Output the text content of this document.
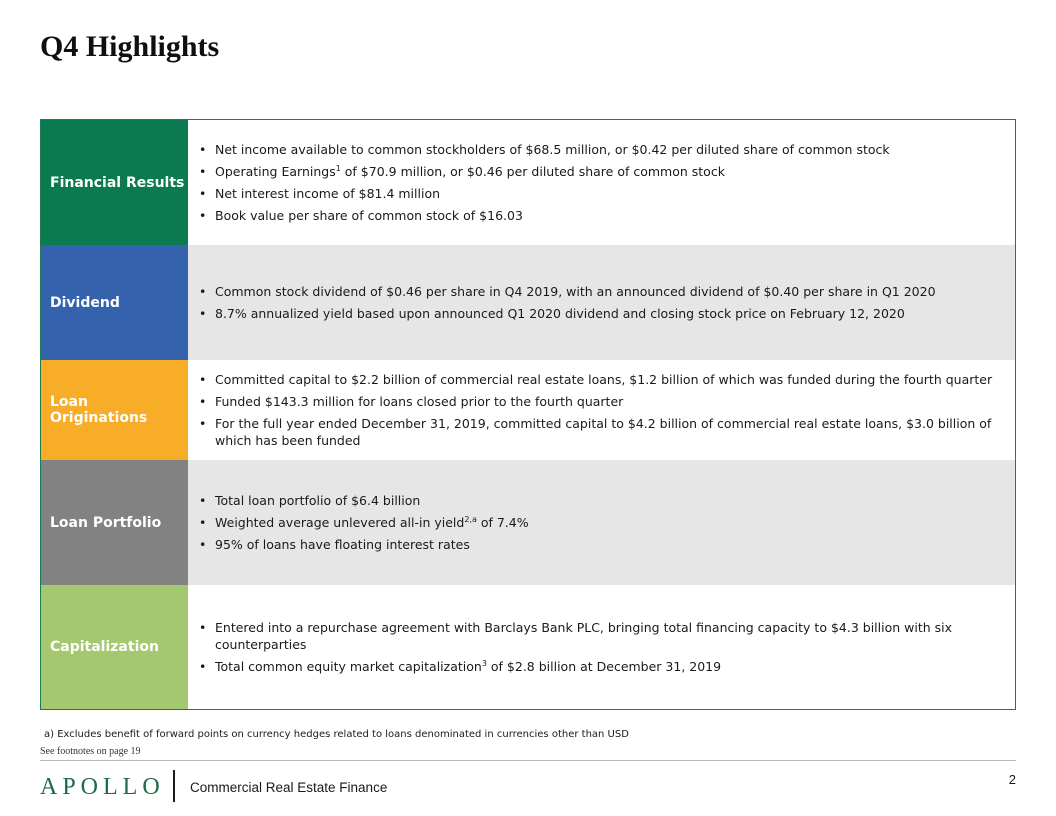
Q4 Highlights
Financial Results
• Net income available to common stockholders of $68.5 million, or $0.42 per diluted share of common stock
• Operating Earnings$^1$ of $70.9 million, or $0.46 per diluted share of common stock
• Net interest income of $81.4 million
• Book value per share of common stock of $16.03
Dividend
• Common stock dividend of $0.46 per share in Q4 2019, with an announced dividend of $0.40 per share in Q1 2020
• 8.7% annualized yield based upon announced Q1 2020 dividend and closing stock price on February 12, 2020
Loan Originations
• Committed capital to $2.2 billion of commercial real estate loans, $1.2 billion of which was funded during the fourth quarter
• Funded $143.3 million for loans closed prior to the fourth quarter
• For the full year ended December 31, 2019, committed capital to $4.2 billion of commercial real estate loans, $3.0 billion of which has been funded
Loan Portfolio
• Total loan portfolio of $6.4 billion
• Weighted average unlevered all-in yield$^{2,a}$ of 7.4%
• 95% of loans have floating interest rates
Capitalization
• Entered into a repurchase agreement with Barclays Bank PLC, bringing total financing capacity to $4.3 billion with six counterparties
• Total common equity market capitalization$^3$ of $2.8 billion at December 31, 2019
a) Excludes benefit of forward points on currency hedges related to loans denominated in currencies other than USD
See footnotes on page 19
APOLLO Commercial Real Estate Finance
2
